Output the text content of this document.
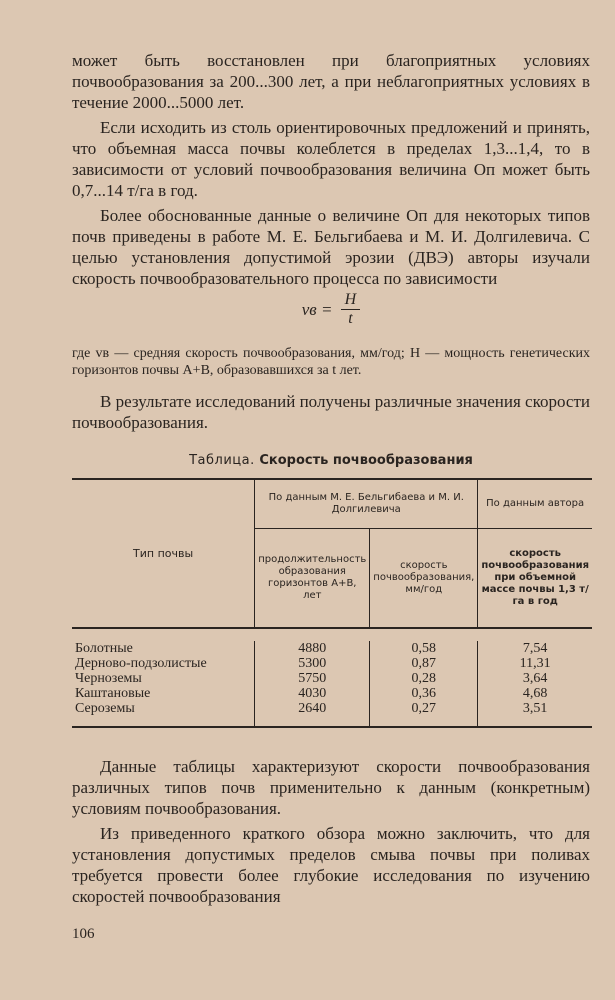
может быть восстановлен при благоприятных условиях почвообразования за 200...300 лет, а при неблагоприятных условиях в течение 2000...5000 лет.

Если исходить из столь ориентировочных предложений и принять, что объемная масса почвы колеблется в пределах 1,3...1,4, то в зависимости от условий почвообразования величина Oп может быть 0,7...14 т/га в год.

Более обоснованные данные о величине Oп для некоторых типов почв приведены в работе М. Е. Бельгибаева и М. И. Долгилевича. С целью установления допустимой эрозии (ДВЭ) авторы изучали скорость почвообразовательного процесса по зависимости

vв = $\frac{H}{t}$

где vв — средняя скорость почвообразования, мм/год; H — мощность генетических горизонтов почвы A+B, образовавшихся за t лет.

В результате исследований получены различные значения скорости почвообразования.

Таблица. Скорость почвообразования

Тип почвы	По данным М. Е. Бельгибаева и М. И. Долгилевича		По данным автора
	продолжительность образования горизонтов A+B, лет	скорость почвообразования, мм/год	скорость почвообразования при объемной массе почвы 1,3 т/га в год

Болотные	4880	0,58	7,54
Дерново-подзолистые	5300	0,87	11,31
Черноземы	5750	0,28	3,64
Каштановые	4030	0,36	4,68
Сероземы	2640	0,27	3,51

Данные таблицы характеризуют скорости почвообразования различных типов почв применительно к данным (конкретным) условиям почвообразования.

Из приведенного краткого обзора можно заключить, что для установления допустимых пределов смыва почвы при поливах требуется провести более глубокие исследования по изучению скоростей почвообразования

106
